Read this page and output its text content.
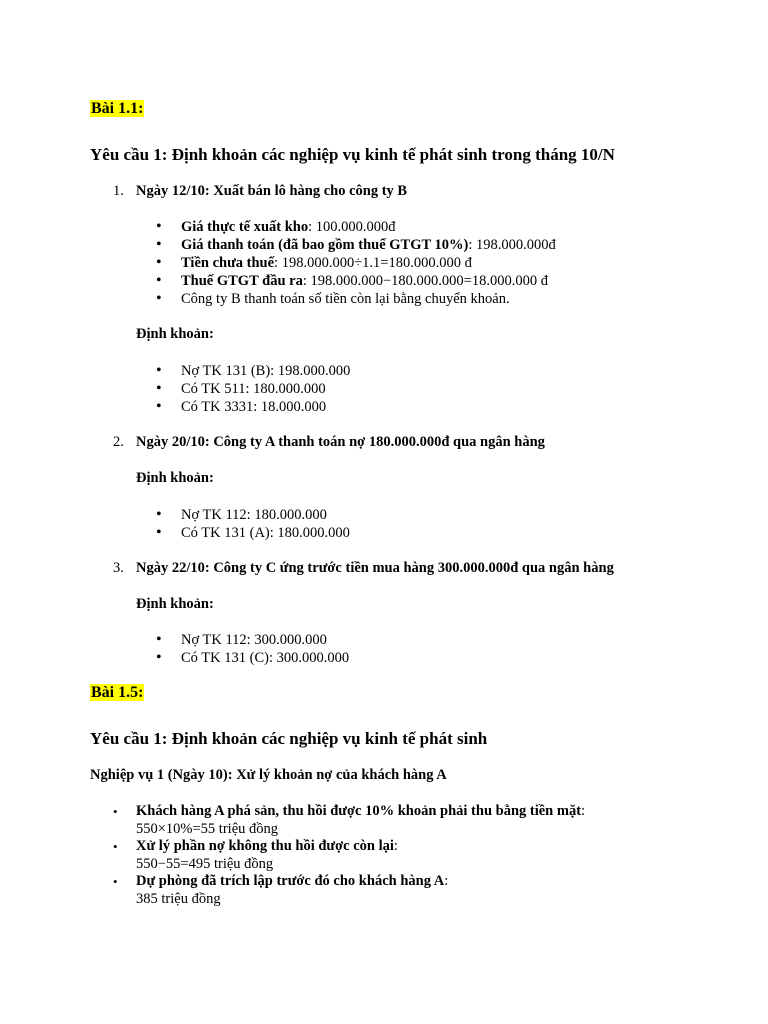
Bài 1.1:
Yêu cầu 1: Định khoản các nghiệp vụ kinh tế phát sinh trong tháng 10/N
1. Ngày 12/10: Xuất bán lô hàng cho công ty B
• Giá thực tế xuất kho: 100.000.000đ
• Giá thanh toán (đã bao gồm thuế GTGT 10%): 198.000.000đ
• Tiền chưa thuế: 198.000.000÷1.1=180.000.000 đ
• Thuế GTGT đầu ra: 198.000.000−180.000.000=18.000.000 đ
• Công ty B thanh toán số tiền còn lại bằng chuyển khoản.
Định khoản:
• Nợ TK 131 (B): 198.000.000
• Có TK 511: 180.000.000
• Có TK 3331: 18.000.000
2. Ngày 20/10: Công ty A thanh toán nợ 180.000.000đ qua ngân hàng
Định khoản:
• Nợ TK 112: 180.000.000
• Có TK 131 (A): 180.000.000
3. Ngày 22/10: Công ty C ứng trước tiền mua hàng 300.000.000đ qua ngân hàng
Định khoản:
• Nợ TK 112: 300.000.000
• Có TK 131 (C): 300.000.000
Bài 1.5:
Yêu cầu 1: Định khoản các nghiệp vụ kinh tế phát sinh
Nghiệp vụ 1 (Ngày 10): Xử lý khoản nợ của khách hàng A
• Khách hàng A phá sản, thu hồi được 10% khoản phải thu bằng tiền mặt:
550×10%=55 triệu đồng
• Xử lý phần nợ không thu hồi được còn lại:
550−55=495 triệu đồng
• Dự phòng đã trích lập trước đó cho khách hàng A:
385 triệu đồng
